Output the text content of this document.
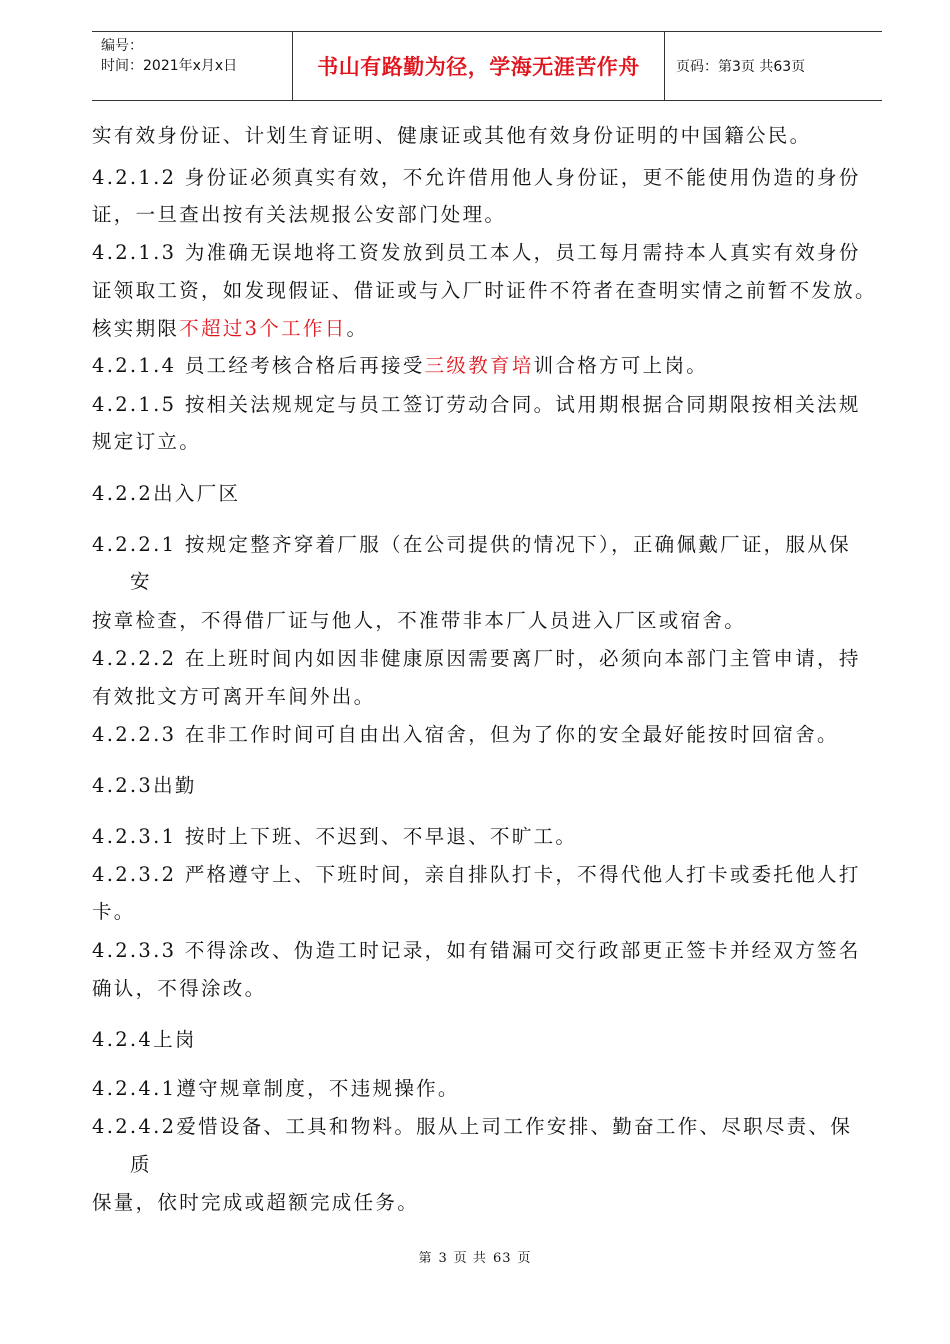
编号：
时间：2021年x月x日	书山有路勤为径，学海无涯苦作舟	页码：第3页 共63页
实有效身份证、计划生育证明、健康证或其他有效身份证明的中国籍公民。
4.2.1.2 身份证必须真实有效，不允许借用他人身份证，更不能使用伪造的身份
证，一旦查出按有关法规报公安部门处理。
4.2.1.3 为准确无误地将工资发放到员工本人，员工每月需持本人真实有效身份
证领取工资，如发现假证、借证或与入厂时证件不符者在查明实情之前暂不发放。
核实期限不超过3个工作日。
4.2.1.4 员工经考核合格后再接受三级教育培训合格方可上岗。
4.2.1.5 按相关法规规定与员工签订劳动合同。试用期根据合同期限按相关法规
规定订立。
4.2.2出入厂区
4.2.2.1 按规定整齐穿着厂服（在公司提供的情况下），正确佩戴厂证，服从保
安
按章检查，不得借厂证与他人，不准带非本厂人员进入厂区或宿舍。
4.2.2.2 在上班时间内如因非健康原因需要离厂时，必须向本部门主管申请，持
有效批文方可离开车间外出。
4.2.2.3 在非工作时间可自由出入宿舍，但为了你的安全最好能按时回宿舍。
4.2.3出勤
4.2.3.1 按时上下班、不迟到、不早退、不旷工。
4.2.3.2 严格遵守上、下班时间，亲自排队打卡，不得代他人打卡或委托他人打
卡。
4.2.3.3 不得涂改、伪造工时记录，如有错漏可交行政部更正签卡并经双方签名
确认，不得涂改。
4.2.4上岗
4.2.4.1遵守规章制度，不违规操作。
4.2.4.2爱惜设备、工具和物料。服从上司工作安排、勤奋工作、尽职尽责、保
质
保量，依时完成或超额完成任务。
第 3 页 共 63 页
